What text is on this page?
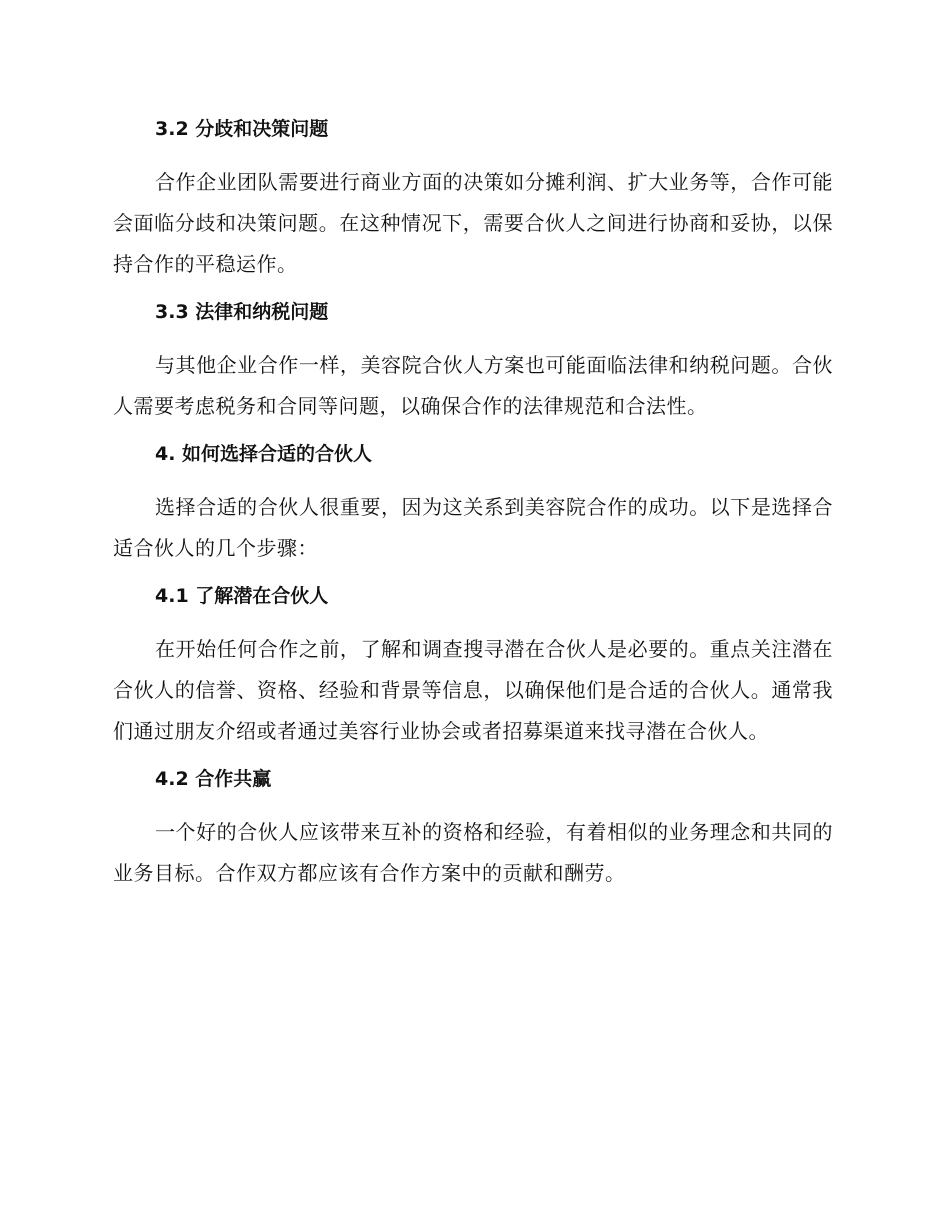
3.2 分歧和决策问题

合作企业团队需要进行商业方面的决策如分摊利润、扩大业务等，合作可能会面临分歧和决策问题。在这种情况下，需要合伙人之间进行协商和妥协，以保持合作的平稳运作。

3.3 法律和纳税问题

与其他企业合作一样，美容院合伙人方案也可能面临法律和纳税问题。合伙人需要考虑税务和合同等问题，以确保合作的法律规范和合法性。

4. 如何选择合适的合伙人

选择合适的合伙人很重要，因为这关系到美容院合作的成功。以下是选择合适合伙人的几个步骤：

4.1 了解潜在合伙人

在开始任何合作之前，了解和调查搜寻潜在合伙人是必要的。重点关注潜在合伙人的信誉、资格、经验和背景等信息，以确保他们是合适的合伙人。通常我们通过朋友介绍或者通过美容行业协会或者招募渠道来找寻潜在合伙人。

4.2 合作共赢

一个好的合伙人应该带来互补的资格和经验，有着相似的业务理念和共同的业务目标。合作双方都应该有合作方案中的贡献和酬劳。
